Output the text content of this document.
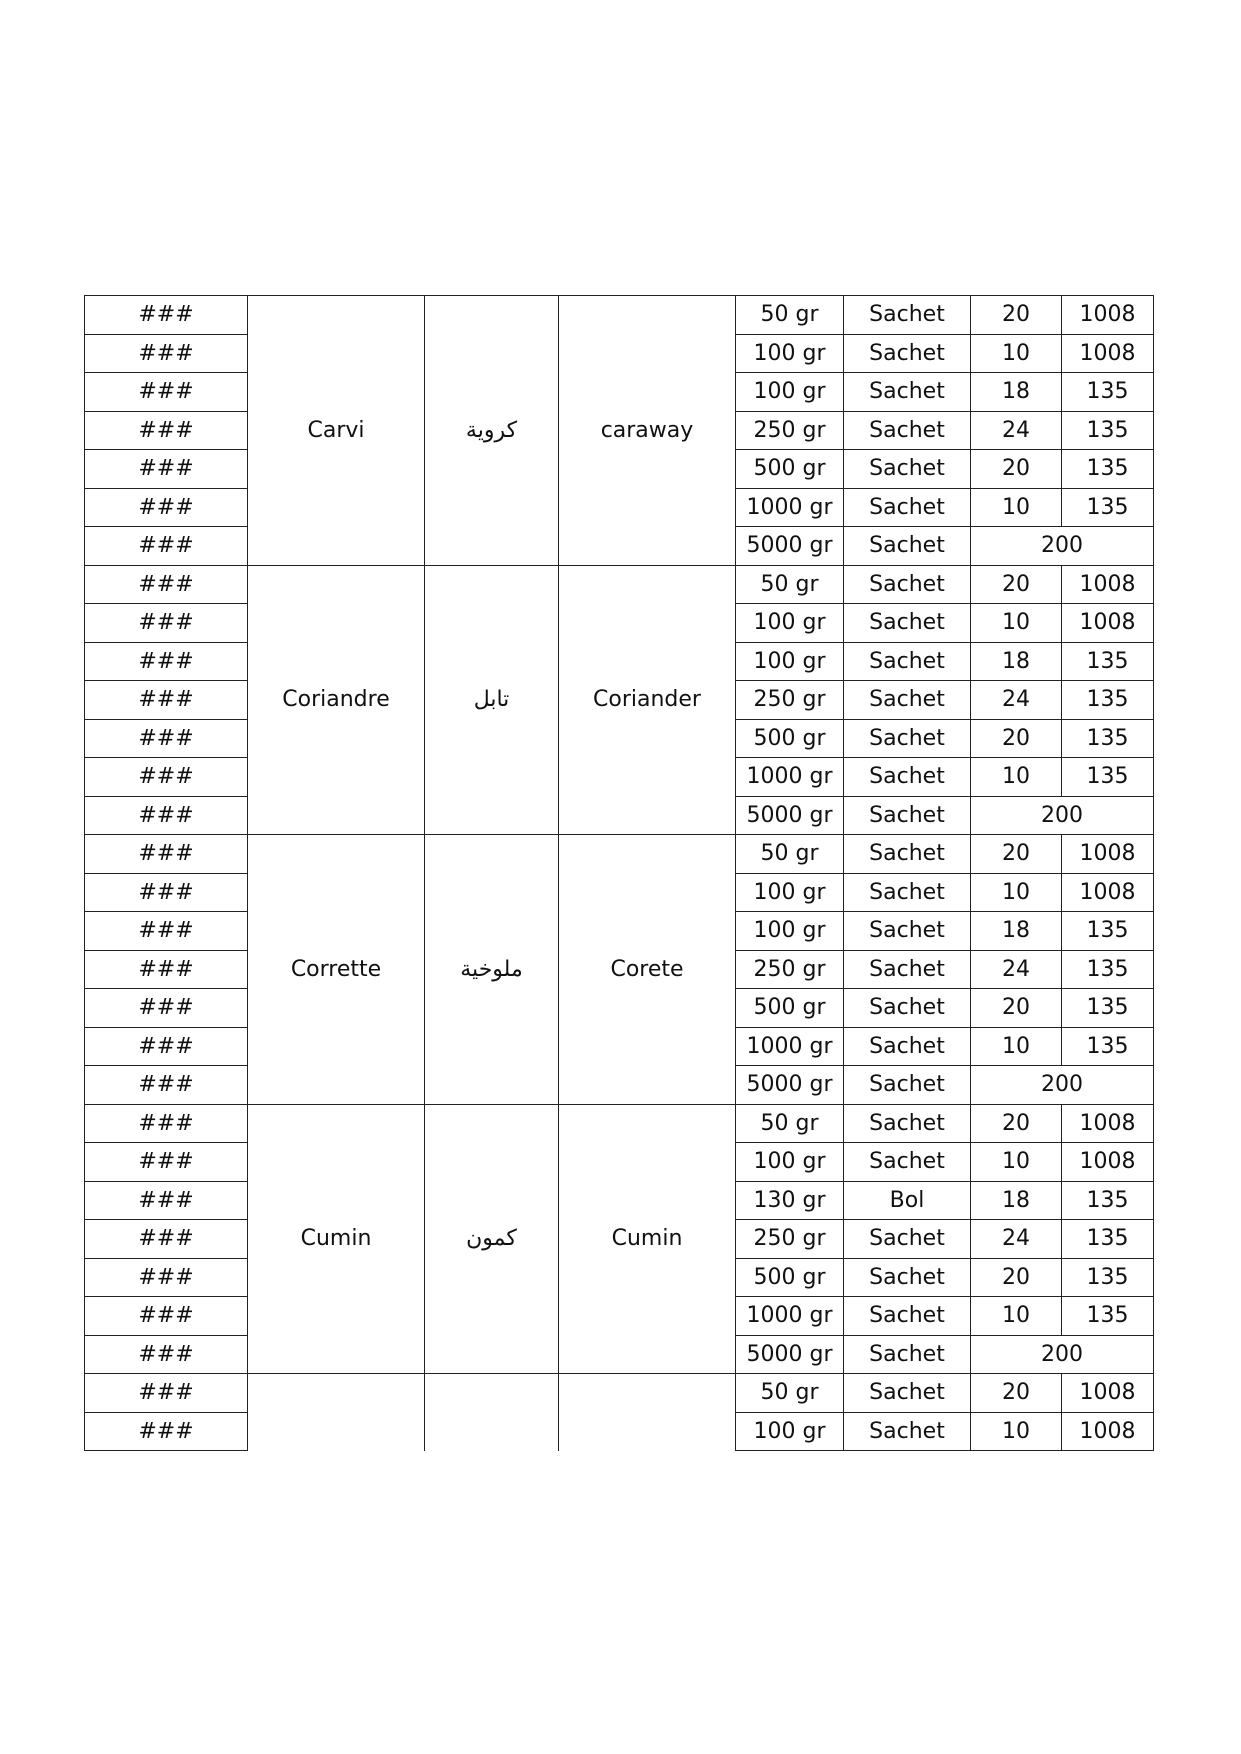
###	Carvi	كروية	caraway	50 gr	Sachet	20	1008
###				100 gr	Sachet	10	1008
###				100 gr	Sachet	18	135
###				250 gr	Sachet	24	135
###				500 gr	Sachet	20	135
###				1000 gr	Sachet	10	135
###				5000 gr	Sachet	200	
###	Coriandre	تابل	Coriander	50 gr	Sachet	20	1008
###				100 gr	Sachet	10	1008
###				100 gr	Sachet	18	135
###				250 gr	Sachet	24	135
###				500 gr	Sachet	20	135
###				1000 gr	Sachet	10	135
###				5000 gr	Sachet	200	
###	Corrette	ملوخية	Corete	50 gr	Sachet	20	1008
###				100 gr	Sachet	10	1008
###				100 gr	Sachet	18	135
###				250 gr	Sachet	24	135
###				500 gr	Sachet	20	135
###				1000 gr	Sachet	10	135
###				5000 gr	Sachet	200	
###	Cumin	كمون	Cumin	50 gr	Sachet	20	1008
###				100 gr	Sachet	10	1008
###				130 gr	Bol	18	135
###				250 gr	Sachet	24	135
###				500 gr	Sachet	20	135
###				1000 gr	Sachet	10	135
###				5000 gr	Sachet	200	
###				50 gr	Sachet	20	1008
###				100 gr	Sachet	10	1008
